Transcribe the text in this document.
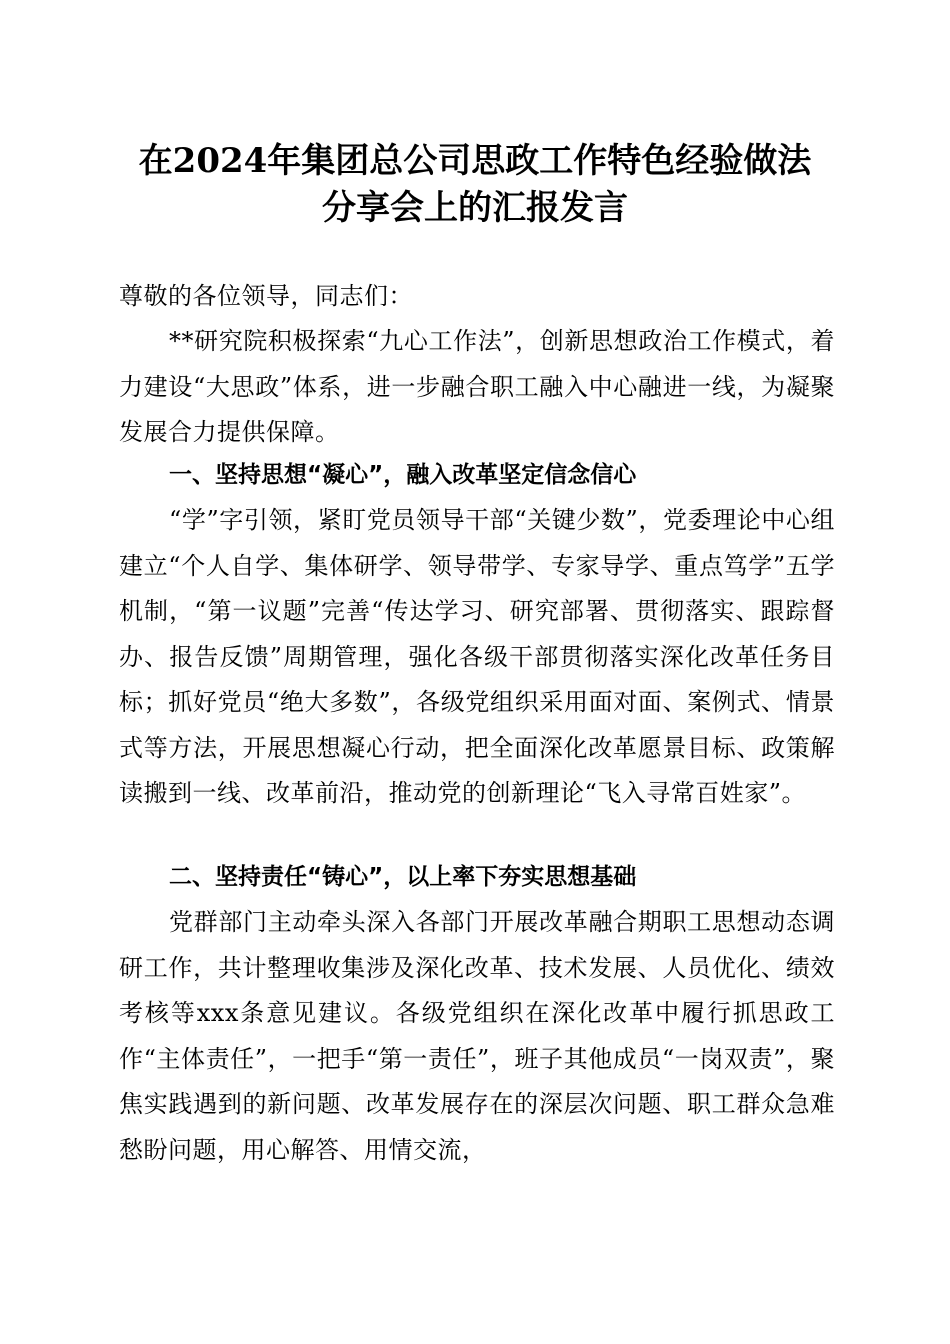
在2024年集团总公司思政工作特色经验做法
分享会上的汇报发言

尊敬的各位领导，同志们：

**研究院积极探索“九心工作法”，创新思想政治工作模式，着力建设“大思政”体系，进一步融合职工融入中心融进一线，为凝聚发展合力提供保障。

一、坚持思想“凝心”，融入改革坚定信念信心

“学”字引领，紧盯党员领导干部“关键少数”，党委理论中心组建立“个人自学、集体研学、领导带学、专家导学、重点笃学”五学机制，“第一议题”完善“传达学习、研究部署、贯彻落实、跟踪督办、报告反馈”周期管理，强化各级干部贯彻落实深化改革任务目标；抓好党员“绝大多数”，各级党组织采用面对面、案例式、情景式等方法，开展思想凝心行动，把全面深化改革愿景目标、政策解读搬到一线、改革前沿，推动党的创新理论“飞入寻常百姓家”。

二、坚持责任“铸心”，以上率下夯实思想基础

党群部门主动牵头深入各部门开展改革融合期职工思想动态调研工作，共计整理收集涉及深化改革、技术发展、人员优化、绩效考核等xxx条意见建议。各级党组织在深化改革中履行抓思政工作“主体责任”，一把手“第一责任”，班子其他成员“一岗双责”，聚焦实践遇到的新问题、改革发展存在的深层次问题、职工群众急难愁盼问题，用心解答、用情交流，
